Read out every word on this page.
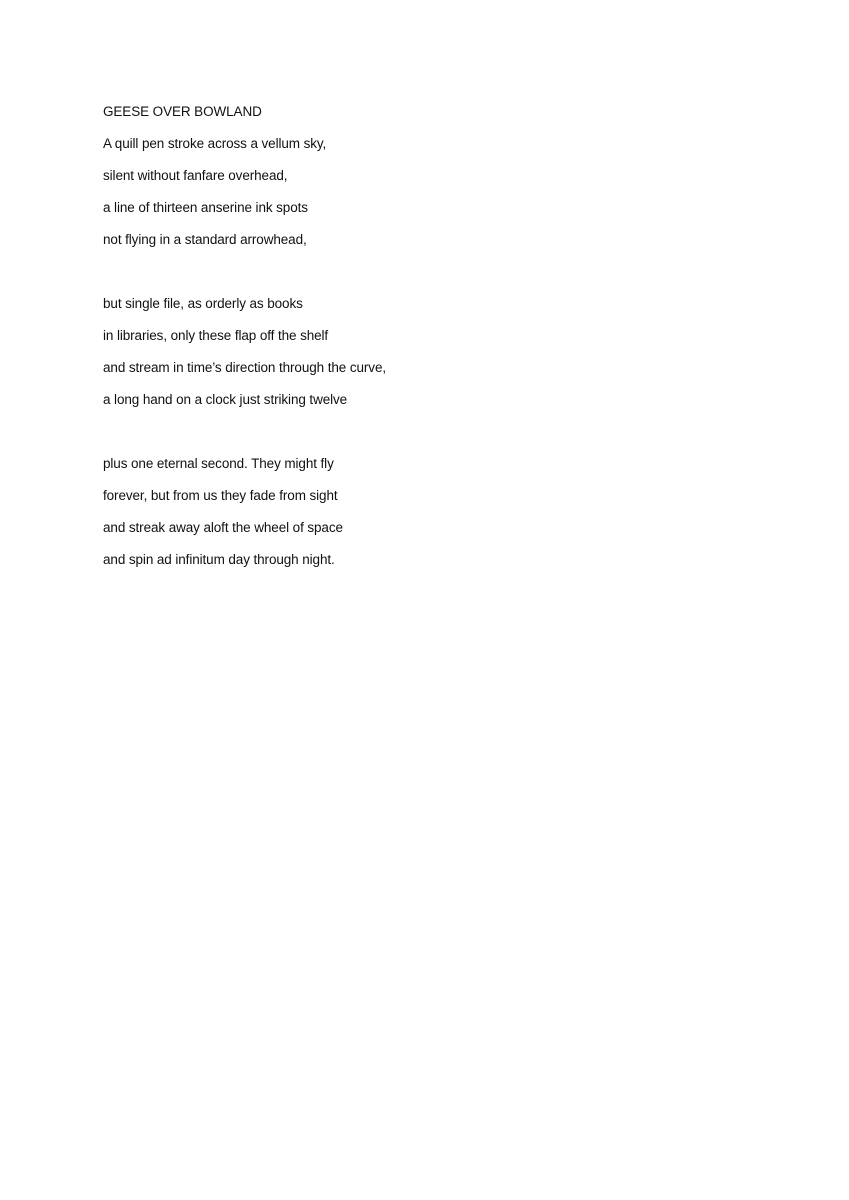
GEESE OVER BOWLAND
A quill pen stroke across a vellum sky,
silent without fanfare overhead,
a line of thirteen anserine ink spots
not flying in a standard arrowhead,
but single file, as orderly as books
in libraries, only these flap off the shelf
and stream in time’s direction through the curve,
a long hand on a clock just striking twelve
plus one eternal second. They might fly
forever, but from us they fade from sight
and streak away aloft the wheel of space
and spin ad infinitum day through night.
